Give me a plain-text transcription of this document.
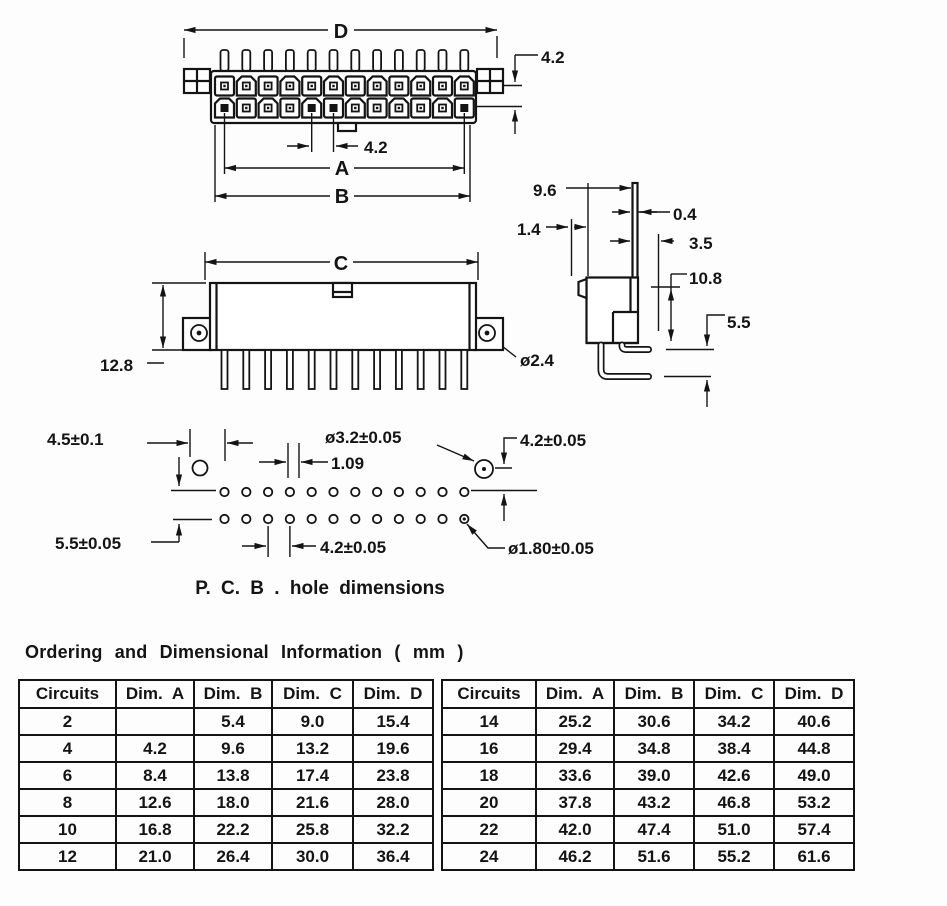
D
4.2
4.2
A
B	9.6
0.4
1.4
3.5
10.8
5.5
ø2.4
C
12.8
4.5±0.1
5.5±0.05
1.09
ø3.2±0.05	4.2±0.05
4.2±0.05	ø1.80±0.05
P. C. B . hole dimensions
Ordering and Dimensional Information ( mm )
Circuits	Dim. A	Dim. B	Dim. C	Dim. D
2		5.4	9.0	15.4
4	4.2	9.6	13.2	19.6
6	8.4	13.8	17.4	23.8
8	12.6	18.0	21.6	28.0
10	16.8	22.2	25.8	32.2
12	21.0	26.4	30.0	36.4
Circuits	Dim. A	Dim. B	Dim. C	Dim. D
14	25.2	30.6	34.2	40.6
16	29.4	34.8	38.4	44.8
18	33.6	39.0	42.6	49.0
20	37.8	43.2	46.8	53.2
22	42.0	47.4	51.0	57.4
24	46.2	51.6	55.2	61.6
